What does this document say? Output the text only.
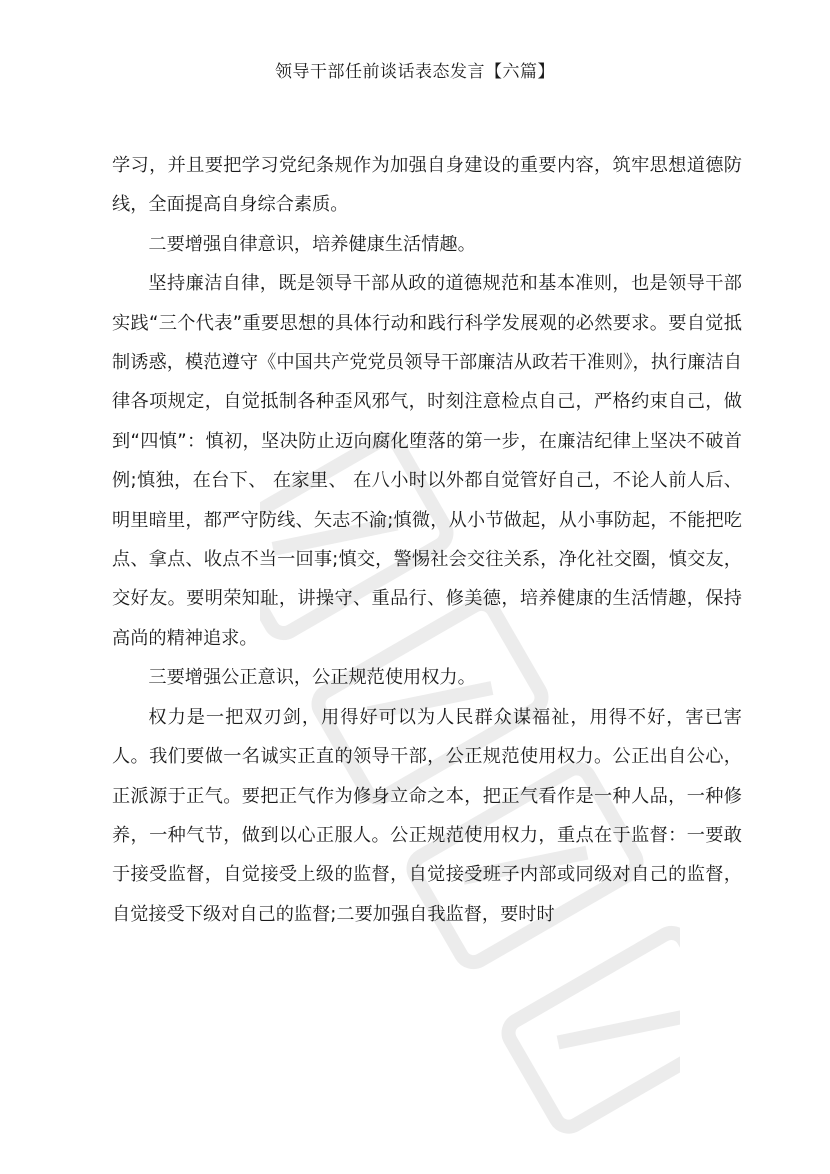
领导干部任前谈话表态发言【六篇】

学习，并且要把学习党纪条规作为加强自身建设的重要内容，筑牢思想道德防线，全面提高自身综合素质。

二要增强自律意识，培养健康生活情趣。

坚持廉洁自律，既是领导干部从政的道德规范和基本准则，也是领导干部实践“三个代表”重要思想的具体行动和践行科学发展观的必然要求。要自觉抵制诱惑，模范遵守《中国共产党党员领导干部廉洁从政若干准则》，执行廉洁自律各项规定，自觉抵制各种歪风邪气，时刻注意检点自己，严格约束自己，做到“四慎”：慎初，坚决防止迈向腐化堕落的第一步，在廉洁纪律上坚决不破首例;慎独，在台下、 在家里、 在八小时以外都自觉管好自己，不论人前人后、明里暗里，都严守防线、矢志不渝;慎微，从小节做起，从小事防起，不能把吃点、拿点、收点不当一回事;慎交，警惕社会交往关系，净化社交圈，慎交友，交好友。要明荣知耻，讲操守、重品行、修美德，培养健康的生活情趣，保持高尚的精神追求。

三要增强公正意识，公正规范使用权力。

权力是一把双刃剑，用得好可以为人民群众谋福祉，用得不好，害已害人。我们要做一名诚实正直的领导干部，公正规范使用权力。公正出自公心，正派源于正气。要把正气作为修身立命之本，把正气看作是一种人品，一种修养，一种气节，做到以心正服人。公正规范使用权力，重点在于监督：一要敢于接受监督，自觉接受上级的监督，自觉接受班子内部或同级对自己的监督，自觉接受下级对自己的监督;二要加强自我监督，要时时
